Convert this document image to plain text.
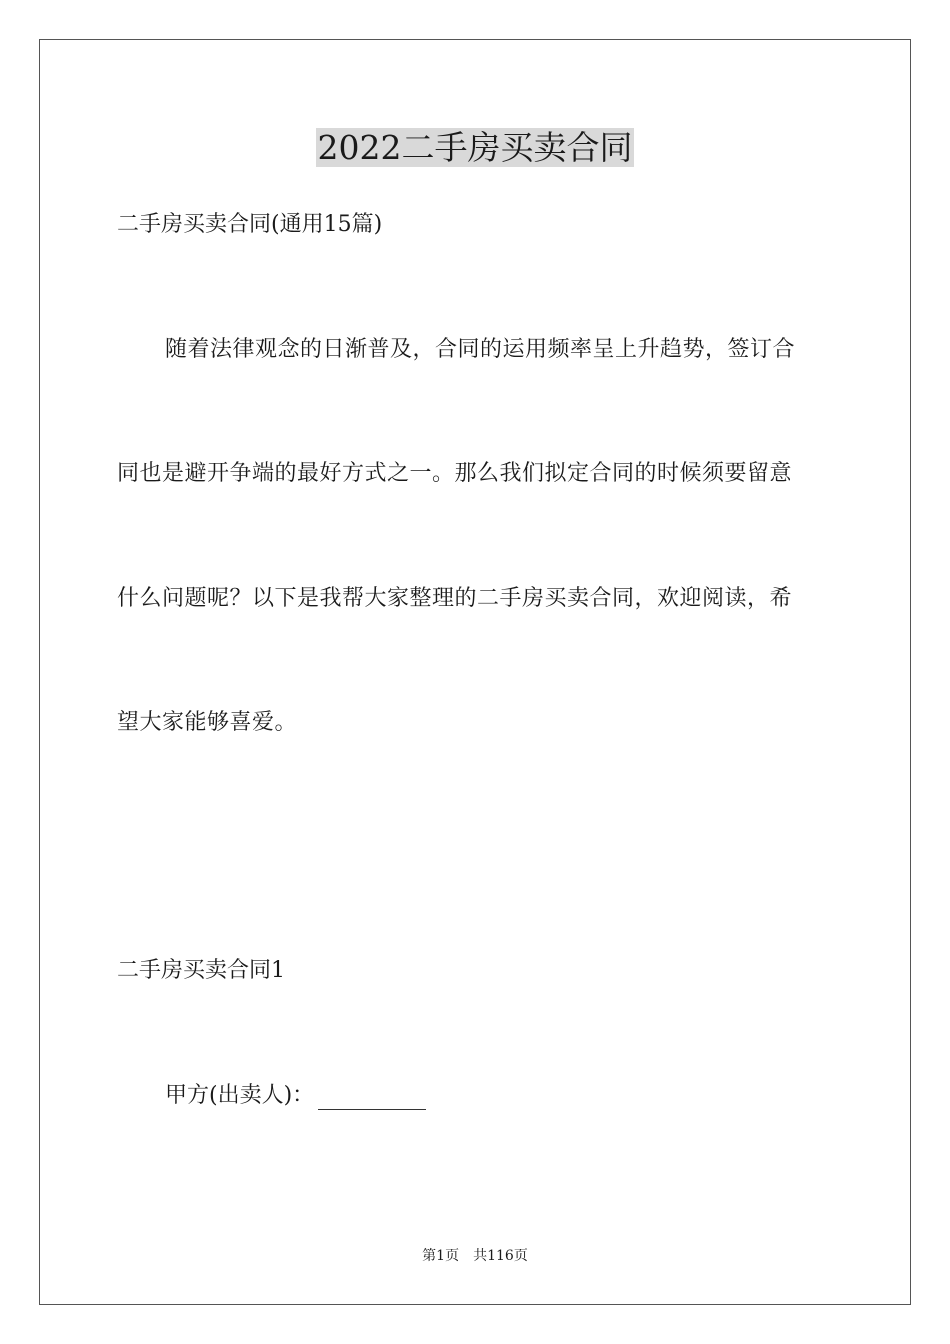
2022二手房买卖合同
二手房买卖合同(通用15篇)
随着法律观念的日渐普及，合同的运用频率呈上升趋势，签订合
同也是避开争端的最好方式之一。那么我们拟定合同的时候须要留意
什么问题呢？以下是我帮大家整理的二手房买卖合同，欢迎阅读，希
望大家能够喜爱。
二手房买卖合同1
甲方(出卖人)：
第1页 共116页
